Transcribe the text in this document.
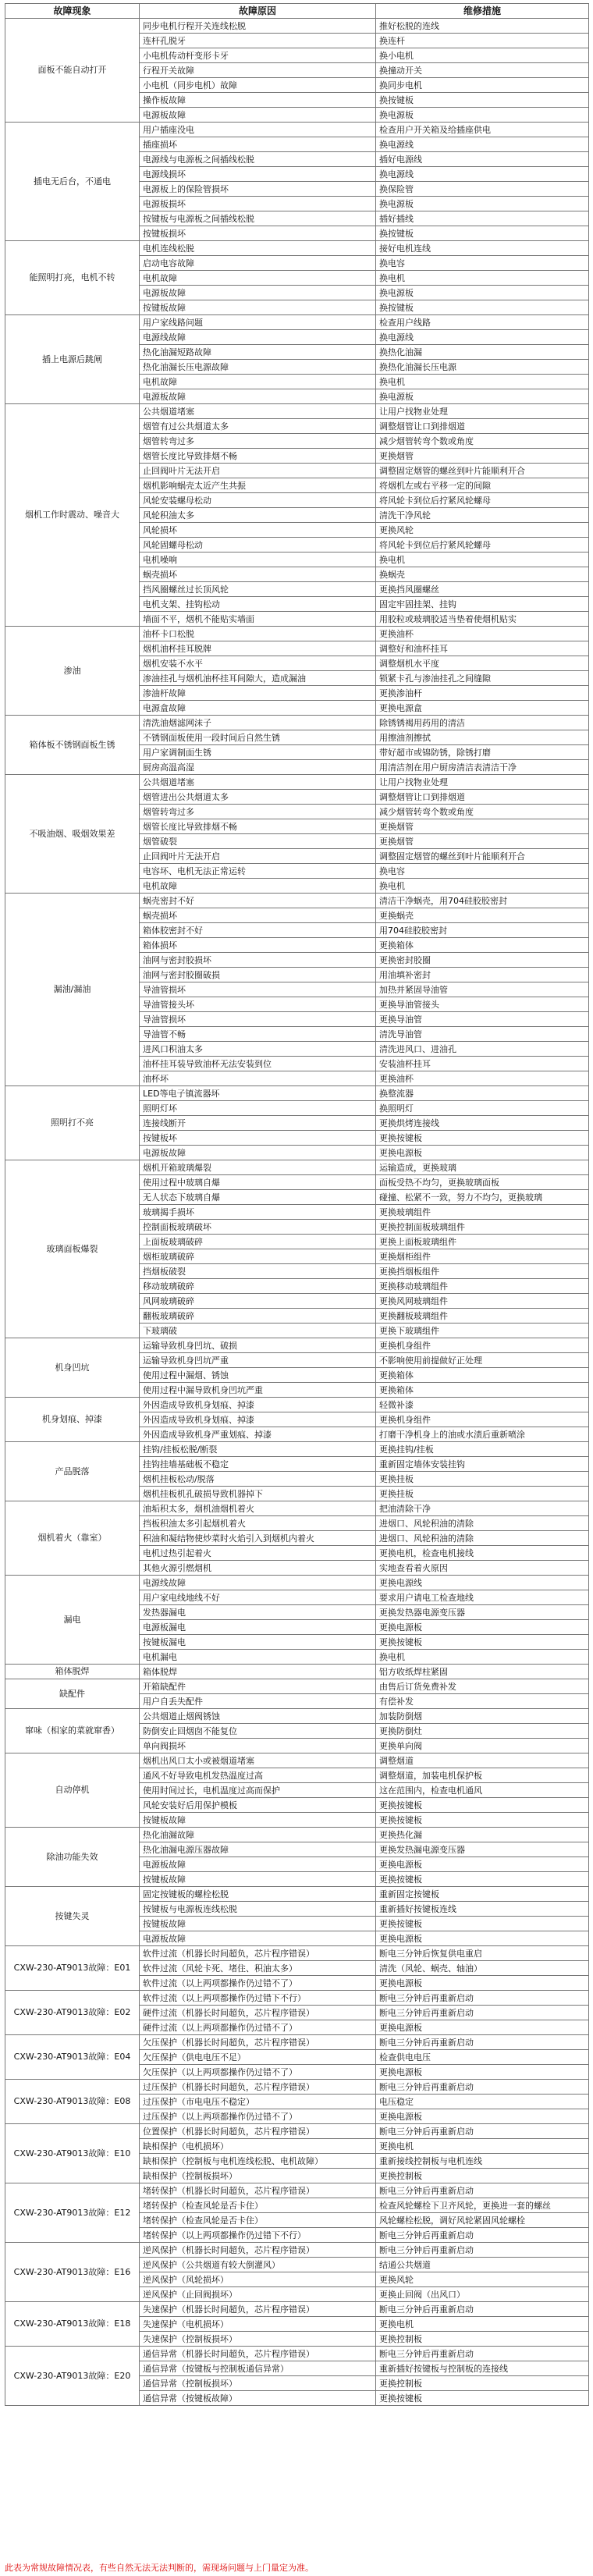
故障现象	故障原因	维修措施
面板不能自动打开	同步电机行程开关连线松脱	推好松脱的连线
	连杆孔脱牙	换连杆
	小电机传动杆变形卡牙	换小电机
	行程开关故障	换撞动开关
	小电机（同步电机）故障	换同步电机
	操作板故障	换按键板
	电源板故障	换电源板
插电无后台，不通电	用户插座没电	检查用户开关箱及给插座供电
	插座损坏	换电源线
	电源线与电源板之间插线松脱	插好电源线
	电源线损坏	换电源线
	电源板上的保险管损坏	换保险管
	电源板损坏	换电源板
	按键板与电源板之间插线松脱	插好插线
	按键板损坏	换按键板
能照明打亮，电机不转	电机连线松脱	接好电机连线
	启动电容故障	换电容
	电机故障	换电机
	电源板故障	换电源板
	按键板故障	换按键板
插上电源后跳闸	用户家线路问题	检查用户线路
	电源线故障	换电源线
	热化油漏短路故障	换热化油漏
	热化油漏长压电源故障	换热化油漏长压电源
	电机故障	换电机
	电源板故障	换电源板
烟机工作时震动、噪音大	公共烟道堵塞	让用户找物业处理
	烟管有过公共烟道太多	调整烟管让口到排烟道
	烟管转弯过多	减少烟管转弯个数或角度
	烟管长度比导致排烟不畅	更换烟管
	止回阀叶片无法开启	调整固定烟管的螺丝到叶片能顺利开合
	烟机影响蜗壳太近产生共振	将烟机左或右平移一定的间隙
	风轮安装螺母松动	将风轮卡到位后拧紧风轮螺母
	风轮积油太多	清洗干净风轮
	风轮损坏	更换风轮
	风轮固螺母松动	将风轮卡到位后拧紧风轮螺母
	电机噪响	换电机
	蜗壳损坏	换蜗壳
	挡风圈螺丝过长顶风轮	更换挡风圈螺丝
	电机支架、挂钩松动	固定牢固挂架、挂钩
	墙面不平，烟机不能贴实墙面	用胶粒或玻璃胶适当垫着使烟机贴实
渗油	油杯卡口松脱	更换油杯
	烟机油杯挂耳脱牌	调整好和油杯挂耳
	烟机安装不水平	调整烟机水平度
	渗油挂孔与烟机油杯挂耳间隙大，造成漏油	锁紧卡孔与渗油挂孔之间缝隙
	渗油杆故障	更换渗油杆
	电源盒故障	更换电源盒
箱体板不锈钢面板生锈	清洗油烟滤网沫子	除锈锈褐用药用的清洁
	不锈钢面板使用一段时间后自然生锈	用擦油剂擦拭
	用户家调制面生锈	带好超市或锦防锈，除锈打磨
	厨房高温高湿	用清洁剂在用户厨房清洁表清洁干净
不吸油烟、吸烟效果差	公共烟道堵塞	让用户找物业处理
	烟管进出公共烟道太多	调整烟管让口到排烟道
	烟管转弯过多	减少烟管转弯个数或角度
	烟管长度比导致排烟不畅	更换烟管
	烟管破裂	更换烟管
	止回阀叶片无法开启	调整固定烟管的螺丝到叶片能顺利开合
	电容坏、电机无法正常运转	换电容
	电机故障	换电机
漏油/漏油	蜗壳密封不好	清洁干净蜗壳，用704硅胶胶密封
	蜗壳损坏	更换蜗壳
	箱体胶密封不好	用704硅胶胶密封
	箱体损坏	更换箱体
	油网与密封胶损坏	更换密封胶圈
	油网与密封胶圈破损	用油填补密封
	导油管损坏	加热并紧固导油管
	导油管接头坏	更换导油管接头
	导油管损坏	更换导油管
	导油管不畅	清洗导油管
	进风口积油太多	清洗进风口、进油孔
	油杯挂耳装导致油杯无法安装到位	安装油杯挂耳
	油杯坏	更换油杯
照明打不亮	LED等电子镇流器坏	换整流器
	照明灯坏	换照明灯
	连接线断开	更换烘烤连接线
	按键板坏	更换按键板
	电源板故障	更换电源板
玻璃面板爆裂	烟机开箱玻璃爆裂	运输造成，更换玻璃
	使用过程中玻璃自爆	面板受热不均匀，更换玻璃面板
	无人状态下玻璃自爆	碰撞、松紧不一致，努力不均匀，更换玻璃
	玻璃揭手损坏	更换玻璃组件
	控制面板玻璃破坏	更换控制面板玻璃组件
	上面板玻璃破碎	更换上面板玻璃组件
	烟柜玻璃破碎	更换烟柜组件
	挡烟板破裂	更换挡烟板组件
	移动玻璃破碎	更换移动玻璃组件
	风网玻璃破碎	更换风网玻璃组件
	翻板玻璃破碎	更换翻板玻璃组件
	下玻璃破	更换下玻璃组件
机身凹坑	运输导致机身凹坑、破损	更换机身组件
	运输导致机身凹坑严重	不影响使用前提做好正处理
	使用过程中漏烟、锈蚀	更换箱体
	使用过程中漏导致机身凹坑严重	更换箱体
机身划痕、掉漆	外因造成导致机身划痕、掉漆	轻微补漆
	外因造成导致机身划痕、掉漆	更换机身组件
	外因造成导致机身严重划痕、掉漆	打磨干净机身上的油或水渍后重新喷涂
产品脱落	挂钩/挂板松脱/断裂	更换挂钩/挂板
	挂钩挂墙基础板不稳定	重新固定墙体安装挂钩
	烟机挂板松动/脱落	更换挂板
	烟机挂板机孔破损导致机器掉下	更换挂板
烟机着火（靠室）	油垢积太多，烟机油烟机着火	把油清除干净
	挡板积油太多引起烟机着火	进烟口、风轮积油的清除
	积油和凝结物使炒菜时火焰引入到烟机内着火	进烟口、风轮积油的清除
	电机过热引起着火	更换电机，检查电机接线
	其他火源引燃烟机	实地查看着火原因
漏电	电源线故障	更换电源线
	用户家电线地线不好	要求用户请电工检查地线
	发热器漏电	更换发热器电源变压器
	电源板漏电	更换电源板
	按键板漏电	更换按键板
	电机漏电	换电机
箱体脱焊	箱体脱焊	铝方收纸焊柱紧固
缺配件	开箱缺配件	由售后订货免费补发
	用户自丢失配件	有偿补发
窜味（相家的菜就窜香）	公共烟道止烟阀锈蚀	加装防倒烟
	防倒安止回烟囱不能复位	更换防倒灶
	单向阀损坏	更换单向阀
自动停机	烟机出风口太小或被烟道堵塞	调整烟道
	通风不好导致电机发热温度过高	调整烟道，加装电机保护板
	使用时间过长，电机温度过高而保护	这在范围内，检查电机通风
	风轮安装好后用保护模板	更换按键板
	按键板故障	更换按键板
除油功能失效	热化油漏故障	更换热化漏
	热化油漏电源压器故障	更换发热漏电源变压器
	电源板故障	更换电源板
	按键板故障	更换按键板
按键失灵	固定按键板的螺栓松脱	重新固定按键板
	按键板与电源板连线松脱	重新插好按键板连线
	按键板故障	更换按键板
	电源板故障	更换电源板
CXW-230-AT9013故障：E01	软件过流（机器长时间超负，芯片程序错误）	断电三分钟后恢复供电重启
	软件过流（风轮卡死、堵住、积油太多）	清洗（风轮、蜗壳、轴油）
	软件过流（以上两项都操作仍过错不了）	更换电源板
CXW-230-AT9013故障：E02	软件过流（以上两项都操作仍过错下不行）	断电三分钟后再重新启动
	硬件过流（机器长时间超负，芯片程序错误）	断电三分钟后再重新启动
	硬件过流（以上两项都操作仍过错不了）	更换电源板
CXW-230-AT9013故障：E04	欠压保护（机器长时间超负，芯片程序错误）	断电三分钟后再重新启动
	欠压保护（供电电压不足）	检查供电电压
	欠压保护（以上两项都操作仍过错不了）	更换电源板
CXW-230-AT9013故障：E08	过压保护（机器长时间超负，芯片程序错误）	断电三分钟后再重新启动
	过压保护（市电电压不稳定）	电压稳定
	过压保护（以上两项都操作仍过错不了）	更换电源板
CXW-230-AT9013故障：E10	位置保护（机器长时间超负，芯片程序错误）	断电三分钟后再重新启动
	缺相保护（电机损坏）	更换电机
	缺相保护（控制板与电机连线松脱、电机故障）	重新接线控制板与电机连线
	缺相保护（控制板损坏）	更换控制板
CXW-230-AT9013故障：E12	堵转保护（机器长时间超负，芯片程序错误）	断电三分钟后再重新启动
	堵转保护（检查风轮是否卡住）	检查风轮螺栓下卫齐风轮，更换进一套的螺丝
	堵转保护（检查风轮是否卡住）	风轮螺栓松脱，调好风轮紧固风轮螺栓
	堵转保护（以上两项都操作仍过错下不行）	断电三分钟后再重新启动
CXW-230-AT9013故障：E16	逆风保护（机器长时间超负，芯片程序错误）	断电三分钟后再重新启动
	逆风保护（公共烟道有较大倒灌风）	结通公共烟道
	逆风保护（风轮损坏）	更换风轮
	逆风保护（止回阀损坏）	更换止回阀（出风口）
CXW-230-AT9013故障：E18	失速保护（机器长时间超负，芯片程序错误）	断电三分钟后再重新启动
	失速保护（电机损坏）	更换电机
	失速保护（控制板损坏）	更换控制板
CXW-230-AT9013故障：E20	通信异常（机器长时间超负，芯片程序错误）	断电三分钟后再重新启动
	通信异常（按键板与控制板通信异常）	重新插好按键板与控制板的连接线
	通信异常（控制板损坏）	更换控制板
	通信异常（按键板故障）	更换按键板
此表为常规故障情况表，有些自然无法无法判断的，需现场问题与上门量定为准。
